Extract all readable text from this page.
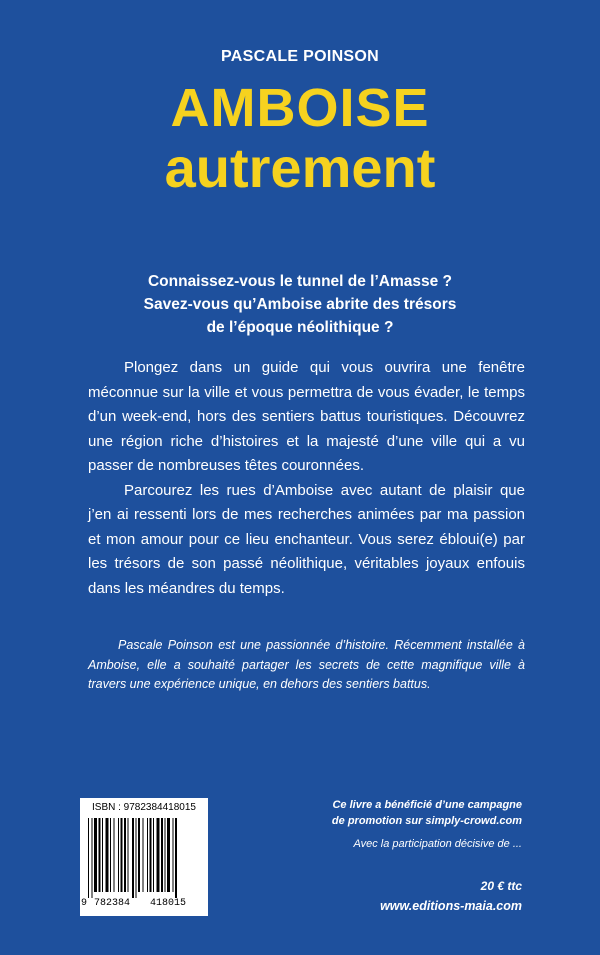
PASCALE POINSON
AMBOISE
autrement
Connaissez-vous le tunnel de l’Amasse ?
Savez-vous qu’Amboise abrite des trésors
de l’époque néolithique ?

Plongez dans un guide qui vous ouvrira une fenêtre méconnue sur la ville et vous permettra de vous évader, le temps d’un week-end, hors des sentiers battus touristiques. Découvrez une région riche d’histoires et la majesté d’une ville qui a vu passer de nombreuses têtes couronnées.

Parcourez les rues d’Amboise avec autant de plaisir que j’en ai ressenti lors de mes recherches animées par ma passion et mon amour pour ce lieu enchanteur. Vous serez ébloui(e) par les trésors de son passé néolithique, véritables joyaux enfouis dans les méandres du temps.

Pascale Poinson est une passionnée d’histoire. Récemment installée à Amboise, elle a souhaité partager les secrets de cette magnifique ville à travers une expérience unique, en dehors des sentiers battus.
ISBN : 9782384418015
9 782384 418015
Ce livre a bénéficié d’une campagne
de promotion sur simply-crowd.com
Avec la participation décisive de ...
20 € ttc
www.editions-maia.com
